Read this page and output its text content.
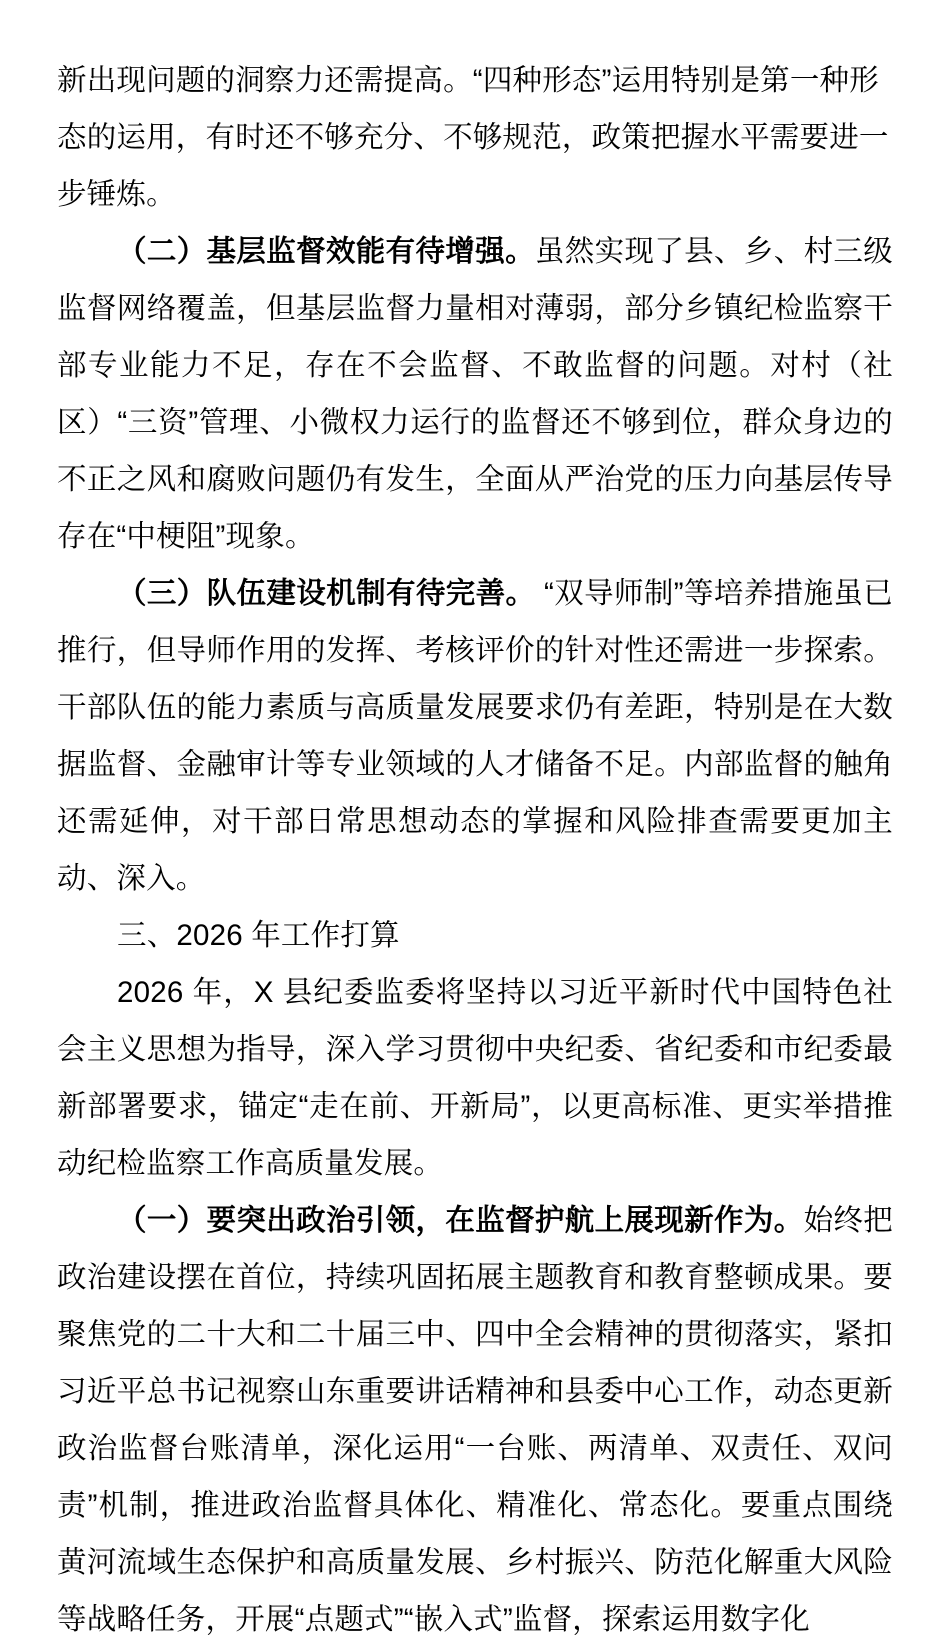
新出现问题的洞察力还需提高。“四种形态”运用特别是第一种形态的运用，有时还不够充分、不够规范，政策把握水平需要进一步锤炼。

（二）基层监督效能有待增强。虽然实现了县、乡、村三级监督网络覆盖，但基层监督力量相对薄弱，部分乡镇纪检监察干部专业能力不足，存在不会监督、不敢监督的问题。对村（社区）“三资”管理、小微权力运行的监督还不够到位，群众身边的不正之风和腐败问题仍有发生，全面从严治党的压力向基层传导存在“中梗阻”现象。

（三）队伍建设机制有待完善。 “双导师制”等培养措施虽已推行，但导师作用的发挥、考核评价的针对性还需进一步探索。干部队伍的能力素质与高质量发展要求仍有差距，特别是在大数据监督、金融审计等专业领域的人才储备不足。内部监督的触角还需延伸，对干部日常思想动态的掌握和风险排查需要更加主动、深入。

三、2026 年工作打算

2026 年，X 县纪委监委将坚持以习近平新时代中国特色社会主义思想为指导，深入学习贯彻中央纪委、省纪委和市纪委最新部署要求，锚定“走在前、开新局”，以更高标准、更实举措推动纪检监察工作高质量发展。

（一）要突出政治引领，在监督护航上展现新作为。始终把政治建设摆在首位，持续巩固拓展主题教育和教育整顿成果。要聚焦党的二十大和二十届三中、四中全会精神的贯彻落实，紧扣习近平总书记视察山东重要讲话精神和县委中心工作，动态更新政治监督台账清单，深化运用“一台账、两清单、双责任、双问责”机制，推进政治监督具体化、精准化、常态化。要重点围绕黄河流域生态保护和高质量发展、乡村振兴、防范化解重大风险等战略任务，开展“点题式”“嵌入式”监督，探索运用数字化
